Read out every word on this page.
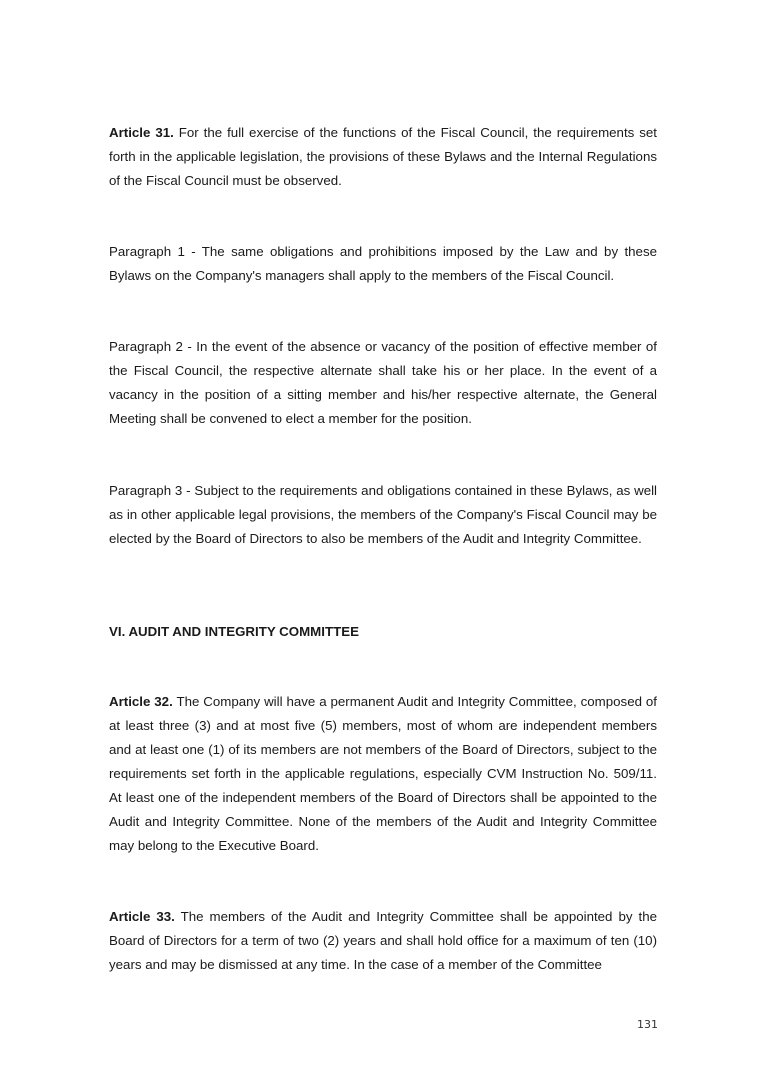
Article 31. For the full exercise of the functions of the Fiscal Council, the requirements set forth in the applicable legislation, the provisions of these Bylaws and the Internal Regulations of the Fiscal Council must be observed.

Paragraph 1 - The same obligations and prohibitions imposed by the Law and by these Bylaws on the Company's managers shall apply to the members of the Fiscal Council.

Paragraph 2 - In the event of the absence or vacancy of the position of effective member of the Fiscal Council, the respective alternate shall take his or her place. In the event of a vacancy in the position of a sitting member and his/her respective alternate, the General Meeting shall be convened to elect a member for the position.

Paragraph 3 - Subject to the requirements and obligations contained in these Bylaws, as well as in other applicable legal provisions, the members of the Company's Fiscal Council may be elected by the Board of Directors to also be members of the Audit and Integrity Committee.

VI. AUDIT AND INTEGRITY COMMITTEE

Article 32. The Company will have a permanent Audit and Integrity Committee, composed of at least three (3) and at most five (5) members, most of whom are independent members and at least one (1) of its members are not members of the Board of Directors, subject to the requirements set forth in the applicable regulations, especially CVM Instruction No. 509/11. At least one of the independent members of the Board of Directors shall be appointed to the Audit and Integrity Committee. None of the members of the Audit and Integrity Committee may belong to the Executive Board.

Article 33. The members of the Audit and Integrity Committee shall be appointed by the Board of Directors for a term of two (2) years and shall hold office for a maximum of ten (10) years and may be dismissed at any time. In the case of a member of the Committee

131
